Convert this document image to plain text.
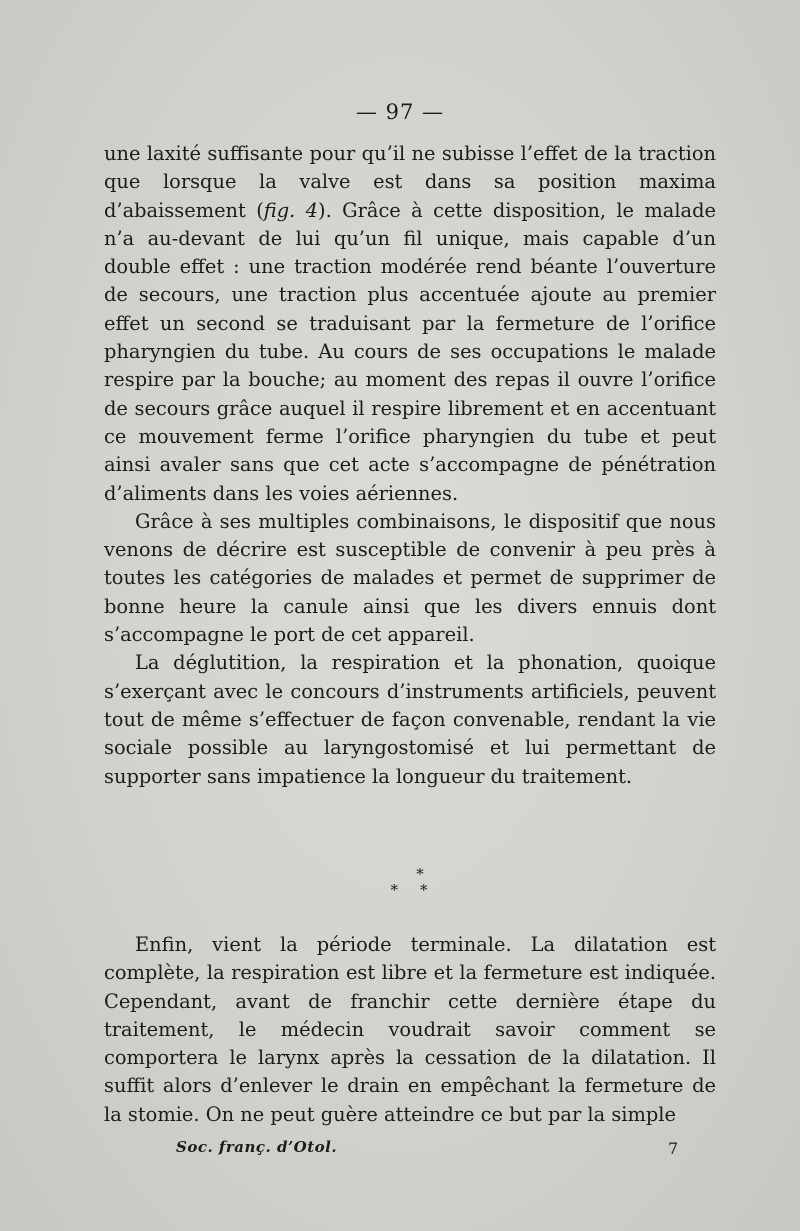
— 97 —

une laxité suffisante pour qu’il ne subisse l’effet de la traction que lorsque la valve est dans sa position maxima d’abaissement (fig. 4). Grâce à cette disposition, le malade n’a au-devant de lui qu’un fil unique, mais capable d’un double effet : une traction modérée rend béante l’ouverture de secours, une traction plus accentuée ajoute au premier effet un second se traduisant par la fermeture de l’orifice pharyngien du tube. Au cours de ses occupations le malade respire par la bouche; au moment des repas il ouvre l’orifice de secours grâce auquel il respire librement et en accentuant ce mouvement ferme l’orifice pharyngien du tube et peut ainsi avaler sans que cet acte s’accompagne de pénétration d’aliments dans les voies aériennes.

Grâce à ses multiples combinaisons, le dispositif que nous venons de décrire est susceptible de convenir à peu près à toutes les catégories de malades et permet de supprimer de bonne heure la canule ainsi que les divers ennuis dont s’accompagne le port de cet appareil.

La déglutition, la respiration et la phonation, quoique s’exerçant avec le concours d’instruments artificiels, peuvent tout de même s’effectuer de façon convenable, rendant la vie sociale possible au laryngostomisé et lui permettant de supporter sans impatience la longueur du traitement.

*
**

Enfin, vient la période terminale. La dilatation est complète, la respiration est libre et la fermeture est indiquée. Cependant, avant de franchir cette dernière étape du traitement, le médecin voudrait savoir comment se comportera le larynx après la cessation de la dilatation. Il suffit alors d’enlever le drain en empêchant la fermeture de la stomie. On ne peut guère atteindre ce but par la simple

Soc. franç. d’Otol.	7
